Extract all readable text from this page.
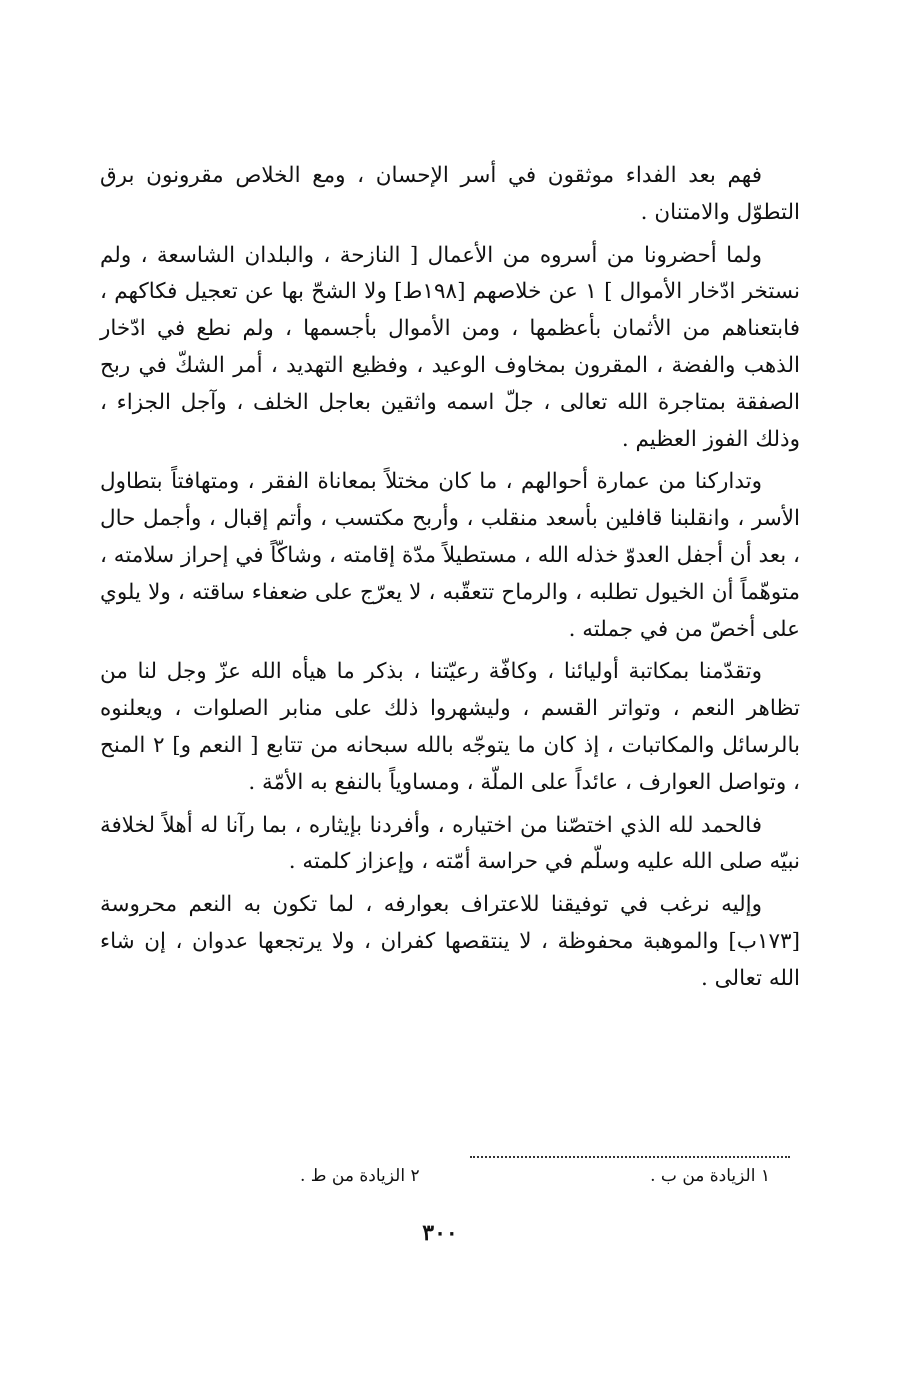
فهم بعد الفداء موثقون في أسر الإحسان ، ومع الخلاص مقرونون برق التطوّل والامتنان .

ولما أحضرونا من أسروه من الأعمال [ النازحة ، والبلدان الشاسعة ، ولم نستخر ادّخار الأموال ] ١ عن خلاصهم [١٩٨ط] ولا الشحّ بها عن تعجيل فكاكهم ، فابتعناهم من الأثمان بأعظمها ، ومن الأموال بأجسمها ، ولم نطع في ادّخار الذهب والفضة ، المقرون بمخاوف الوعيد ، وفظيع التهديد ، أمر الشكّ في ربح الصفقة بمتاجرة الله تعالى ، جلّ اسمه واثقين بعاجل الخلف ، وآجل الجزاء ، وذلك الفوز العظيم .

وتداركنا من عمارة أحوالهم ، ما كان مختلاً بمعاناة الفقر ، ومتهافتاً بتطاول الأسر ، وانقلبنا قافلين بأسعد منقلب ، وأربح مكتسب ، وأتم إقبال ، وأجمل حال ، بعد أن أجفل العدوّ خذله الله ، مستطيلاً مدّة إقامته ، وشاكّاً في إحراز سلامته ، متوهّماً أن الخيول تطلبه ، والرماح تتعقّبه ، لا يعرّج على ضعفاء ساقته ، ولا يلوي على أخصّ من في جملته .

وتقدّمنا بمكاتبة أوليائنا ، وكافّة رعيّتنا ، بذكر ما هيأه الله عزّ وجل لنا من تظاهر النعم ، وتواتر القسم ، وليشهروا ذلك على منابر الصلوات ، ويعلنوه بالرسائل والمكاتبات ، إذ كان ما يتوجّه بالله سبحانه من تتابع [ النعم و] ٢ المنح ، وتواصل العوارف ، عائداً على الملّة ، ومساوياً بالنفع به الأمّة .

فالحمد لله الذي اختصّنا من اختياره ، وأفردنا بإيثاره ، بما رآنا له أهلاً لخلافة نبيّه صلى الله عليه وسلّم في حراسة أمّته ، وإعزاز كلمته .

وإليه نرغب في توفيقنا للاعتراف بعوارفه ، لما تكون به النعم محروسة [١٧٣ب] والموهبة محفوظة ، لا ينتقصها كفران ، ولا يرتجعها عدوان ، إن شاء الله تعالى .

١ الزيادة من ب .
٢ الزيادة من ط .
٣٠٠
